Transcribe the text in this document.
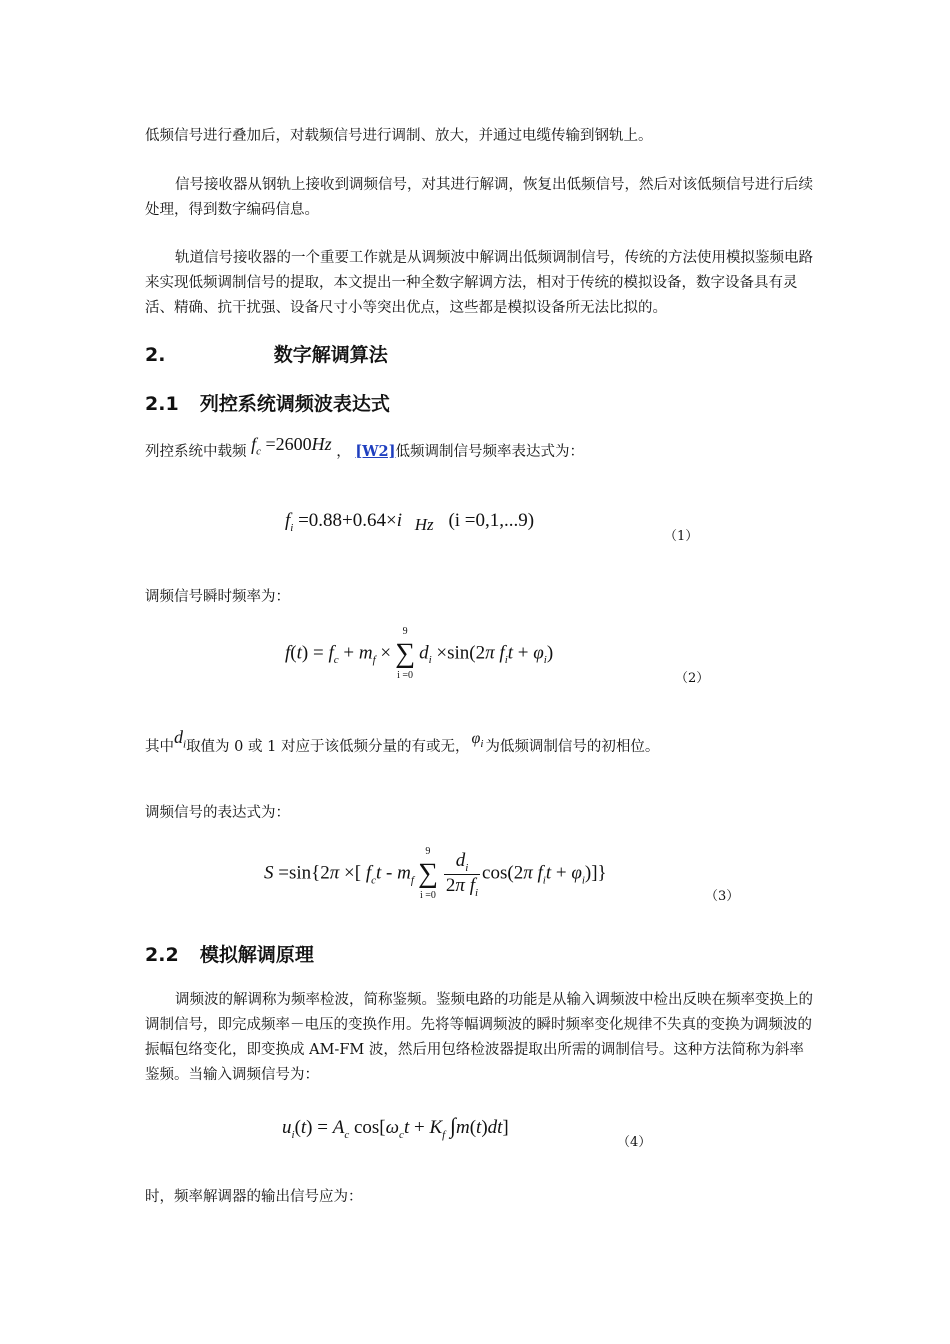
低频信号进行叠加后，对载频信号进行调制、放大，并通过电缆传输到钢轨上。
信号接收器从钢轨上接收到调频信号，对其进行解调，恢复出低频信号，然后对该低频信号进行后续处理，得到数字编码信息。
轨道信号接收器的一个重要工作就是从调频波中解调出低频调制信号，传统的方法使用模拟鉴频电路来实现低频调制信号的提取，本文提出一种全数字解调方法，相对于传统的模拟设备，数字设备具有灵活、精确、抗干扰强、设备尺寸小等突出优点，这些都是模拟设备所无法比拟的。
2.	数字解调算法
2.1 列控系统调频波表达式
列控系统中载频 $f_c =2600Hz$ ， [W2]低频调制信号频率表达式为：
$f_i =0.88+0.64\times i$ Hz (i =0,1,...9)
（1）
调频信号瞬时频率为：
$f(t) = f_c + m_f$ ×
9
∑
i =0
$d_i \times\sin(2\pi$ $f_it + \varphi_i$)
（2）
其中$d_i$取值为 0 或 1 对应于该低频分量的有或无， $\varphi_i$ 为低频调制信号的初相位。
调频信号的表达式为：
S =sin{2π ×[ $f_ct - m_f$
9
∑
$i =0 \frac{d_i}{2\pi f_i} \cos(2\pi$ $f_it + \varphi_i$)]}
（3）
2.2 模拟解调原理
调频波的解调称为频率检波，简称鉴频。鉴频电路的功能是从输入调频波中检出反映在频率变换上的调制信号，即完成频率－电压的变换作用。先将等幅调频波的瞬时频率变化规律不失真的变换为调频波的振幅包络变化，即变换成 AM-FM 波，然后用包络检波器提取出所需的调制信号。这种方法简称为斜率鉴频。当输入调频信号为：
$u_i(t) = A_c$ $\cos[\omega_ct + K_f$ ∫m(t)dt]
（4）
时，频率解调器的输出信号应为：
